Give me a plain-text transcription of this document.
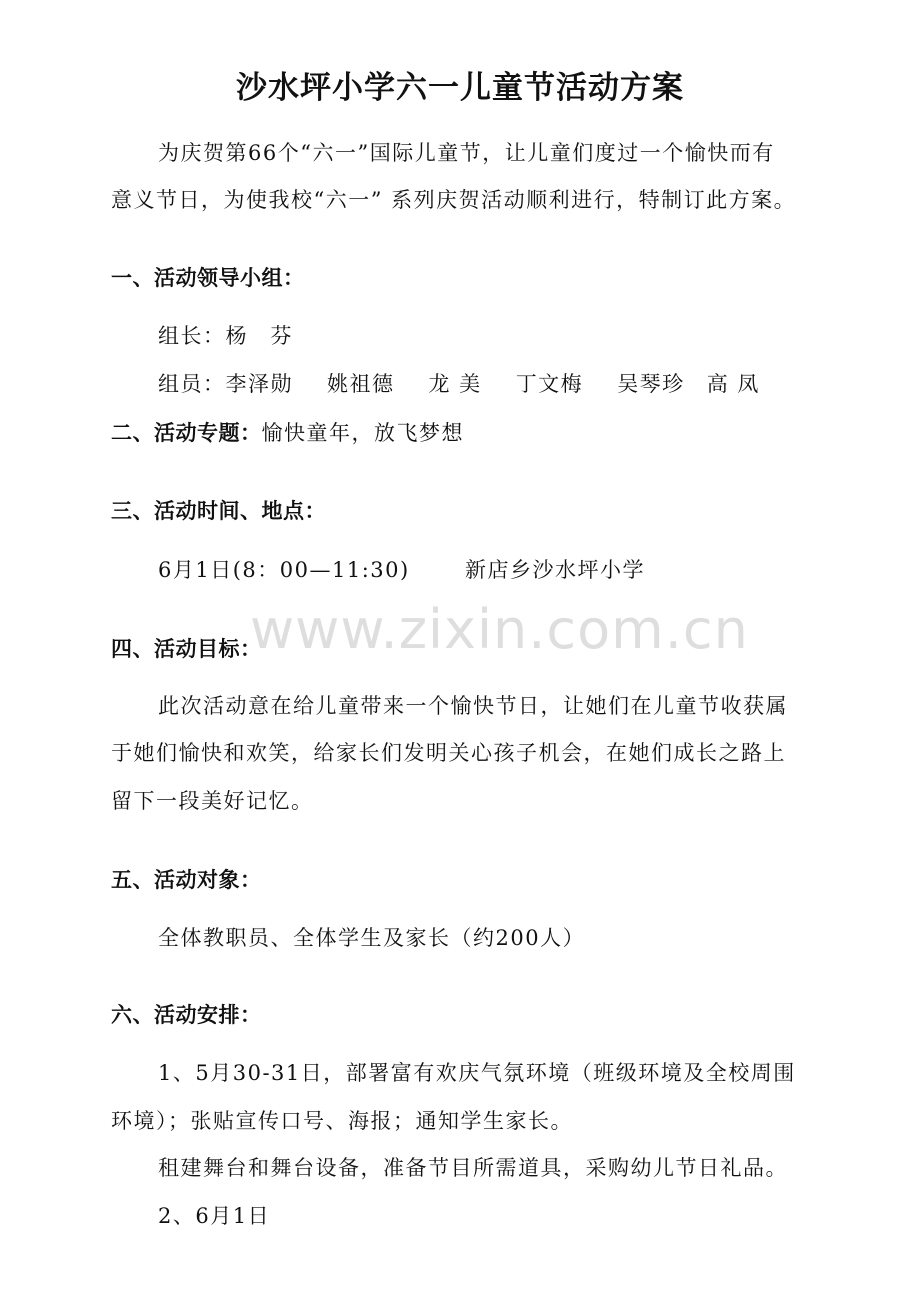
沙水坪小学六一儿童节活动方案
为庆贺第66个“六一”国际儿童节，让儿童们度过一个愉快而有
意义节日，为使我校“六一” 系列庆贺活动顺利进行，特制订此方案。
一、活动领导小组：
组长：杨　芬
组员：李泽勋 姚祖德 龙 美 丁文梅 吴琴珍 高 凤
二、活动专题：愉快童年，放飞梦想
三、活动时间、地点：
6月1日(8：00—11:30)	新店乡沙水坪小学
www.zixin.com.cn
四、活动目标：
此次活动意在给儿童带来一个愉快节日，让她们在儿童节收获属
于她们愉快和欢笑，给家长们发明关心孩子机会，在她们成长之路上
留下一段美好记忆。
五、活动对象：
全体教职员、全体学生及家长（约200人）
六、活动安排：
1、5月30-31日，部署富有欢庆气氛环境（班级环境及全校周围
环境）；张贴宣传口号、海报；通知学生家长。
租建舞台和舞台设备，准备节目所需道具，采购幼儿节日礼品。
2、6月1日
